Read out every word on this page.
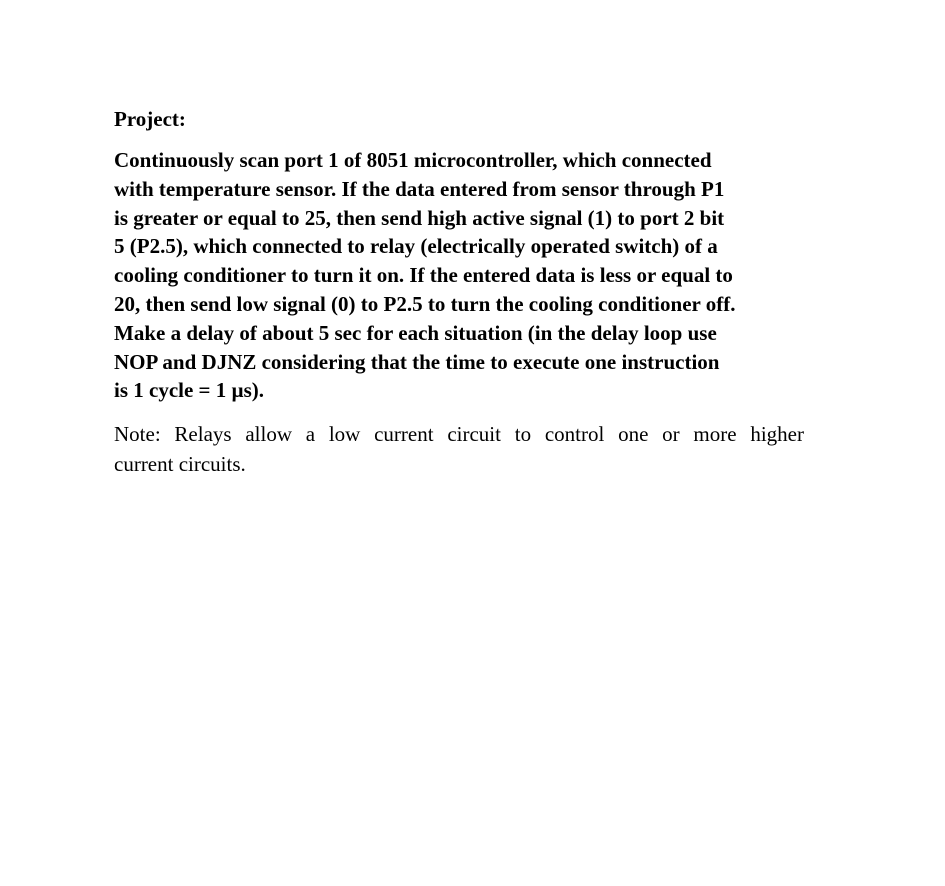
Project:

Continuously scan port 1 of 8051 microcontroller, which connected
with temperature sensor. If the data entered from sensor through P1
is greater or equal to 25, then send high active signal (1) to port 2 bit
5 (P2.5), which connected to relay (electrically operated switch) of a
cooling conditioner to turn it on. If the entered data is less or equal to
20, then send low signal (0) to P2.5 to turn the cooling conditioner off.
Make a delay of about 5 sec for each situation (in the delay loop use
NOP and DJNZ considering that the time to execute one instruction
is 1 cycle = 1 µs).

Note: Relays allow a low current circuit to control one or more higher
current circuits.
